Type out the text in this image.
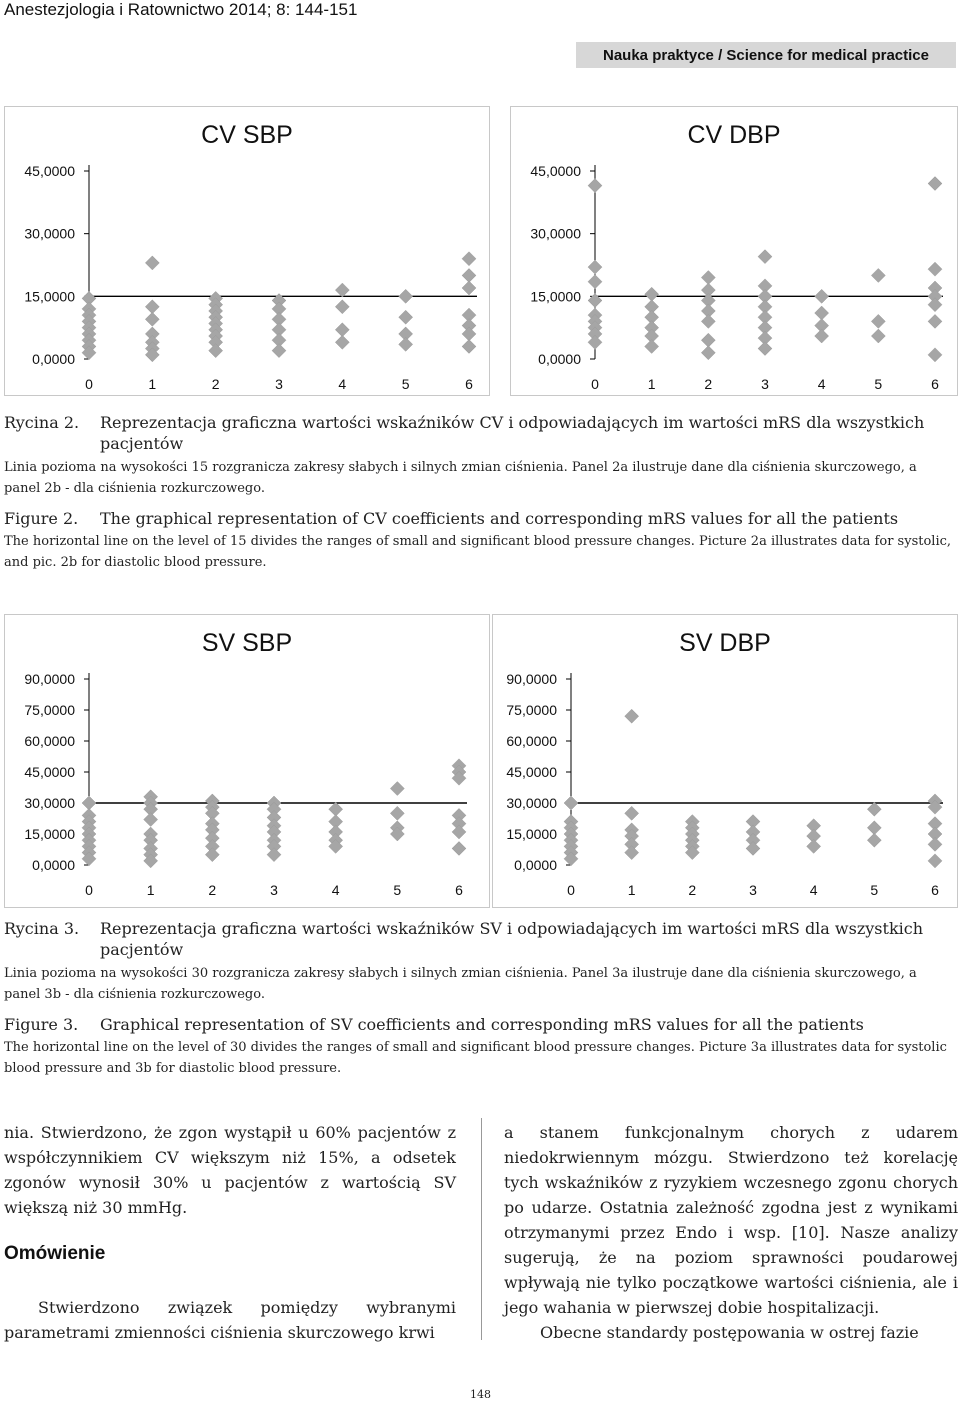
Anestezjologia i Ratownictwo 2014; 8: 144-151
Nauka praktyce / Science for medical practice
CV SBP
0,0000
15,0000
30,0000
45,0000
0	1	2	3	4	5	6
CV DBP
0,0000
15,0000
30,0000
45,0000
0	1	2	3	4	5	6
Rycina 2.	Reprezentacja graficzna wartości wskaźników CV i odpowiadających im wartości mRS dla wszystkich pacjentów
Linia pozioma na wysokości 15 rozgranicza zakresy słabych i silnych zmian ciśnienia. Panel 2a ilustruje dane dla ciśnienia skurczowego, a panel 2b - dla ciśnienia rozkurczowego.
Figure 2.	The graphical representation of CV coefficients and corresponding mRS values for all the patients
The horizontal line on the level of 15 divides the ranges of small and significant blood pressure changes. Picture 2a illustrates data for systolic, and pic. 2b for diastolic blood pressure.
SV SBP
0,0000
15,0000
30,0000
45,0000
60,0000
75,0000
90,0000
0	1	2	3	4	5	6
SV DBP
0,0000
15,0000
30,0000
45,0000
60,0000
75,0000
90,0000
0	1	2	3	4	5	6
Rycina 3.	Reprezentacja graficzna wartości wskaźników SV i odpowiadających im wartości mRS dla wszystkich pacjentów
Linia pozioma na wysokości 30 rozgranicza zakresy słabych i silnych zmian ciśnienia. Panel 3a ilustruje dane dla ciśnienia skurczowego, a panel 3b - dla ciśnienia rozkurczowego.
Figure 3.	Graphical representation of SV coefficients and corresponding mRS values for all the patients
The horizontal line on the level of 30 divides the ranges of small and significant blood pressure changes. Picture 3a illustrates data for systolic blood pressure and 3b for diastolic blood pressure.
nia. Stwierdzono, że zgon wystąpił u 60% pacjentów z współczynnikiem CV większym niż 15%, a odsetek zgonów wynosił 30% u pacjentów z wartością SV większą niż 30 mmHg.
Omówienie
Stwierdzono związek pomiędzy wybranymi parametrami zmienności ciśnienia skurczowego krwi
a stanem funkcjonalnym chorych z udarem niedokrwiennym mózgu. Stwierdzono też korelację tych wskaźników z ryzykiem wczesnego zgonu chorych po udarze. Ostatnia zależność zgodna jest z wynikami otrzymanymi przez Endo i wsp. [10]. Nasze analizy sugerują, że na poziom sprawności poudarowej wpływają nie tylko początkowe wartości ciśnienia, ale i jego wahania w pierwszej dobie hospitalizacji.
Obecne standardy postępowania w ostrej fazie
148
